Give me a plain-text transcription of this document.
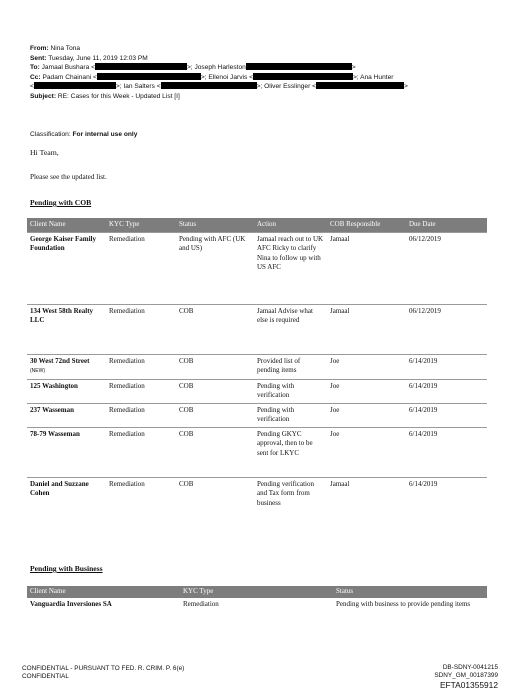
From: Nina Tona
Sent: Tuesday, June 11, 2019 12:03 PM
To: Jamaal Bushara <	>; Joseph Harleston	>
Cc: Padam Chainani <	>; Ellenoi Jarvis <	>; Ana Hunter
<	>; Ian Salters <	>; Oliver Esslinger <	>
Subject: RE: Cases for this Week - Updated List [I]
Classification: For internal use only
Hi Team,
Please see the updated list.
Pending with COB
Client Name	KYC Type	Status	Action	COB Responsible	Due Date
George Kaiser Family Foundation	Remediation	Pending with AFC (UK and US)	Jamaal reach out to UK AFC Ricky to clarify Nina to follow up with US AFC	Jamaal	06/12/2019
134 West 58th Realty LLC	Remediation	COB	Jamaal Advise what else is required	Jamaal	06/12/2019
30 West 72nd Street (NEW)	Remediation	COB	Provided list of pending items	Joe	6/14/2019
125 Washington	Remediation	COB	Pending with verification	Joe	6/14/2019
237 Wasseman	Remediation	COB	Pending with verification	Joe	6/14/2019
78-79 Wasseman	Remediation	COB	Pending GKYC approval, then to be sent for LKYC	Joe	6/14/2019
Daniel and Suzzane Cohen	Remediation	COB	Pending verification and Tax form from business	Jamaal	6/14/2019
Pending with Business
Client Name	KYC Type	Status
Vanguardia Inversiones SA	Remediation	Pending with business to provide pending items
CONFIDENTIAL - PURSUANT TO FED. R. CRIM. P. 6(e)
CONFIDENTIAL
DB-SDNY-0041215
SDNY_GM_00187399
EFTA01355912
